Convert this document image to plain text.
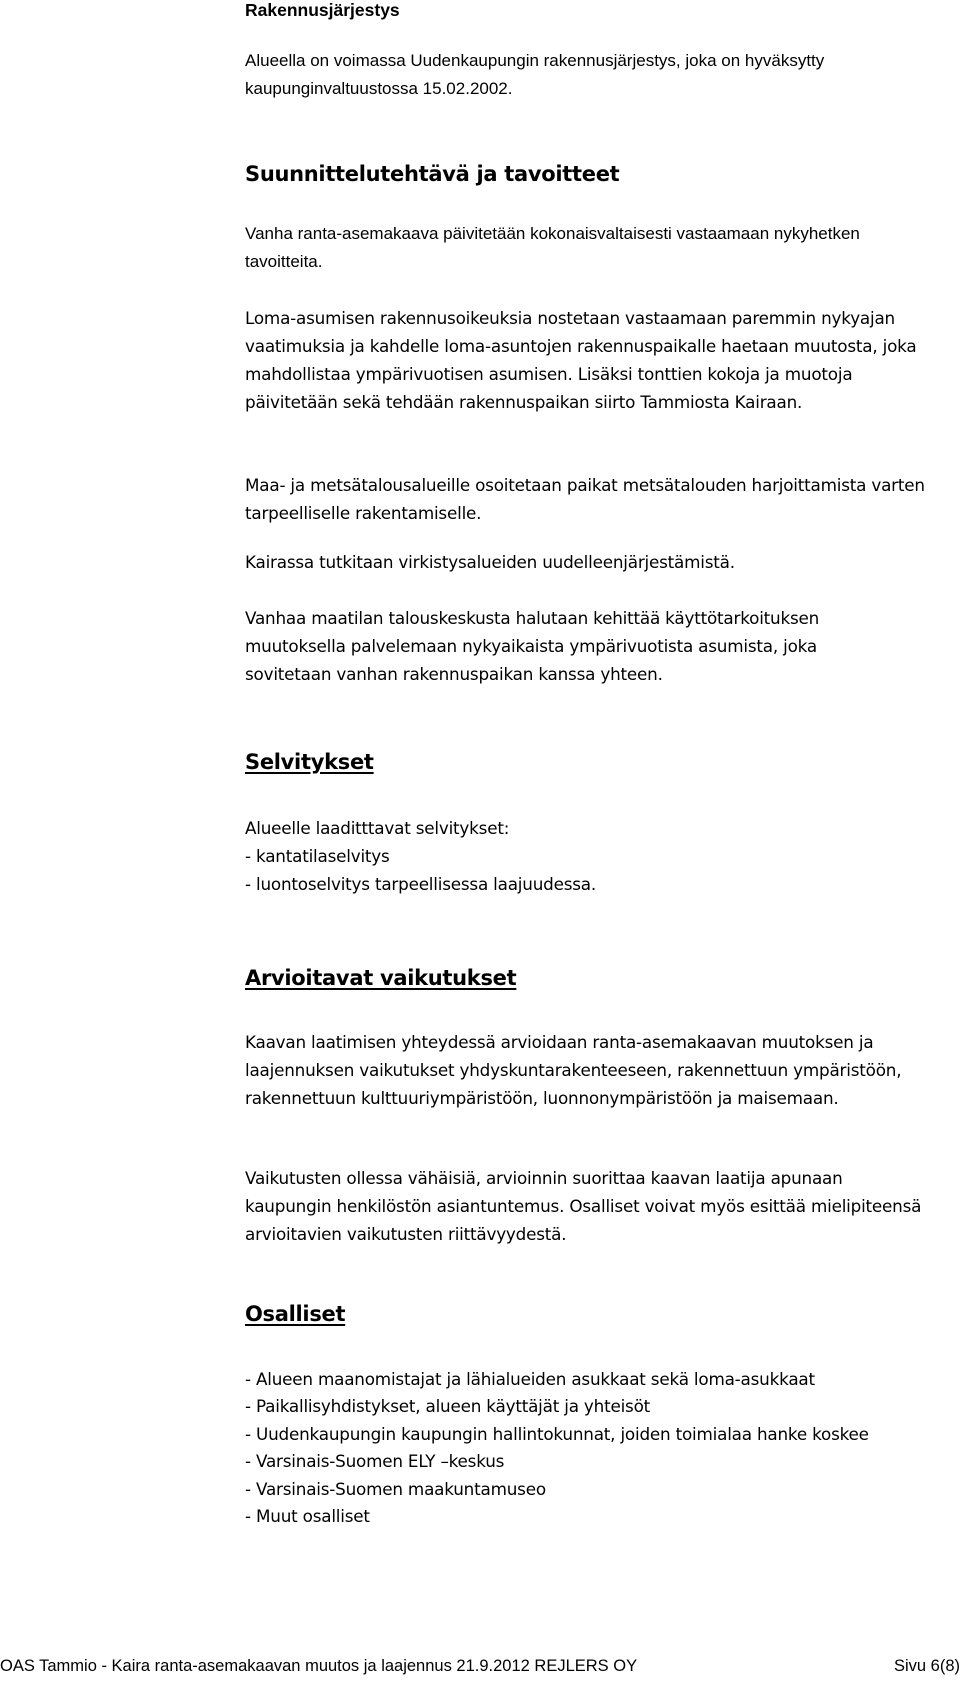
Rakennusjärjestys

Alueella on voimassa Uudenkaupungin rakennusjärjestys, joka on hyväksytty kaupunginvaltuustossa 15.02.2002.

Suunnittelutehtävä ja tavoitteet

Vanha ranta-asemakaava päivitetään kokonaisvaltaisesti vastaamaan nykyhetken tavoitteita.

Loma-asumisen rakennusoikeuksia nostetaan vastaamaan paremmin nykyajan vaatimuksia ja kahdelle loma-asuntojen rakennuspaikalle haetaan muutosta, joka mahdollistaa ympärivuotisen asumisen. Lisäksi tonttien kokoja ja muotoja päivitetään sekä tehdään rakennuspaikan siirto Tammiosta Kairaan.

Maa- ja metsätalousalueille osoitetaan paikat metsätalouden harjoittamista varten tarpeelliselle rakentamiselle.

Kairassa tutkitaan virkistysalueiden uudelleenjärjestämistä.

Vanhaa maatilan talouskeskusta halutaan kehittää käyttötarkoituksen muutoksella palvelemaan nykyaikaista ympärivuotista asumista, joka sovitetaan vanhan rakennuspaikan kanssa yhteen.

Selvitykset

Alueelle laaditttavat selvitykset:

- kantatilaselvitys
- luontoselvitys tarpeellisessa laajuudessa.
Arvioitavat vaikutukset

Kaavan laatimisen yhteydessä arvioidaan ranta-asemakaavan muutoksen ja laajennuksen vaikutukset yhdyskuntarakenteeseen, rakennettuun ympäristöön, rakennettuun kulttuuriympäristöön, luonnonympäristöön ja maisemaan.

Vaikutusten ollessa vähäisiä, arvioinnin suorittaa kaavan laatija apunaan kaupungin henkilöstön asiantuntemus. Osalliset voivat myös esittää mielipiteensä arvioitavien vaikutusten riittävyydestä.

Osalliset
- Alueen maanomistajat ja lähialueiden asukkaat sekä loma-asukkaat
- Paikallisyhdistykset, alueen käyttäjät ja yhteisöt
- Uudenkaupungin kaupungin hallintokunnat, joiden toimialaa hanke koskee
- Varsinais-Suomen ELY –keskus
- Varsinais-Suomen maakuntamuseo
- Muut osalliset
OAS Tammio - Kaira ranta-asemakaavan muutos ja laajennus 21.9.2012 REJLERS OY	Sivu 6(8)
